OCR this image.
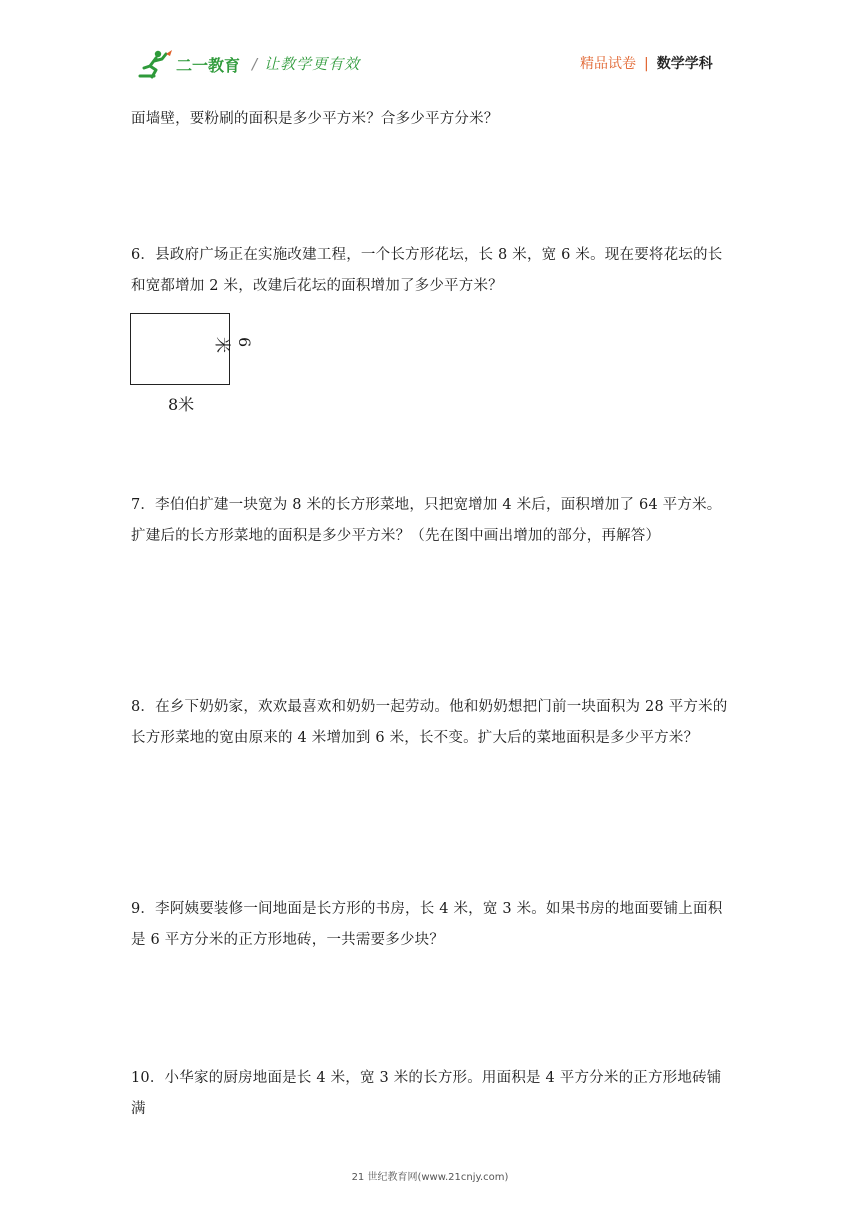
二一教育 / 让教学更有效	精品试卷 | 数学学科
面墙壁，要粉刷的面积是多少平方米？合多少平方分米？
6．县政府广场正在实施改建工程，一个长方形花坛，长 8 米，宽 6 米。现在要将花坛的长和宽都增加 2 米，改建后花坛的面积增加了多少平方米？
8米
6米
7．李伯伯扩建一块宽为 8 米的长方形菜地，只把宽增加 4 米后，面积增加了 64 平方米。扩建后的长方形菜地的面积是多少平方米？（先在图中画出增加的部分，再解答）
8．在乡下奶奶家，欢欢最喜欢和奶奶一起劳动。他和奶奶想把门前一块面积为 28 平方米的长方形菜地的宽由原来的 4 米增加到 6 米，长不变。扩大后的菜地面积是多少平方米？
9．李阿姨要装修一间地面是长方形的书房，长 4 米，宽 3 米。如果书房的地面要铺上面积是 6 平方分米的正方形地砖，一共需要多少块？
10．小华家的厨房地面是长 4 米，宽 3 米的长方形。用面积是 4 平方分米的正方形地砖铺满
21 世纪教育网(www.21cnjy.com)
